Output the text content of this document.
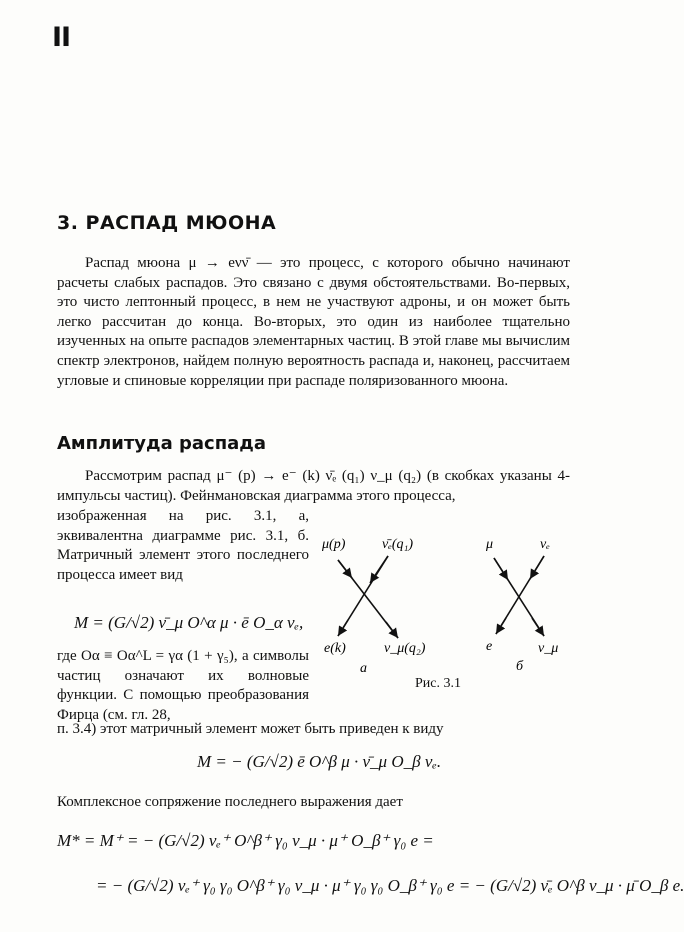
II
3. РАСПАД МЮОНА

Распад мюона μ → eνν̄ — это процесс, с которого обычно начинают расчеты слабых распадов. Это связано с двумя обстоятельствами. Во-первых, это чисто лептонный процесс, в нем не участвуют адроны, и он может быть легко рассчитан до конца. Во-вторых, это один из наиболее тщательно изученных на опыте распадов элементарных частиц. В этой главе мы вычислим спектр электронов, найдем полную вероятность распада и, наконец, рассчитаем угловые и спиновые корреляции при распаде поляризованного мюона.

Амплитуда распада

Рассмотрим распад μ⁻ (p) → e⁻ (k) ν̄ₑ (q₁) ν_μ (q₂) (в скобках указаны 4-импульсы частиц). Фейнмановская диаграмма этого процесса,

изображенная на рис. 3.1, а, эквивалентна диаграмме рис. 3.1, б. Матричный элемент этого последнего процесса имеет вид

M = (G/√2) ν̄_μ O^α μ · ē O_α νₑ,

где Oα ≡ Oα^L = γα (1 + γ₅), а символы частиц означают их волновые функции. С помощью преобразования Фирца (см. гл. 28,

п. 3.4) этот матричный элемент может быть приведен к виду

M = − (G/√2) ē O^β μ · ν̄_μ O_β νₑ.

Комплексное сопряжение последнего выражения дает

M* = M⁺ = − (G/√2) νₑ⁺ O^β⁺ γ₀ ν_μ · μ⁺ O_β⁺ γ₀ e =
= − (G/√2) νₑ⁺ γ₀ γ₀ O^β⁺ γ₀ ν_μ · μ⁺ γ₀ γ₀ O_β⁺ γ₀ e = − (G/√2) ν̄ₑ O^β ν_μ · μ̄ O_β e.
μ(p)	ν̄ₑ(q₁)
e(k)	ν_μ(q₂)
а
μ	νₑ
e	ν_μ
б
Рис. 3.1
